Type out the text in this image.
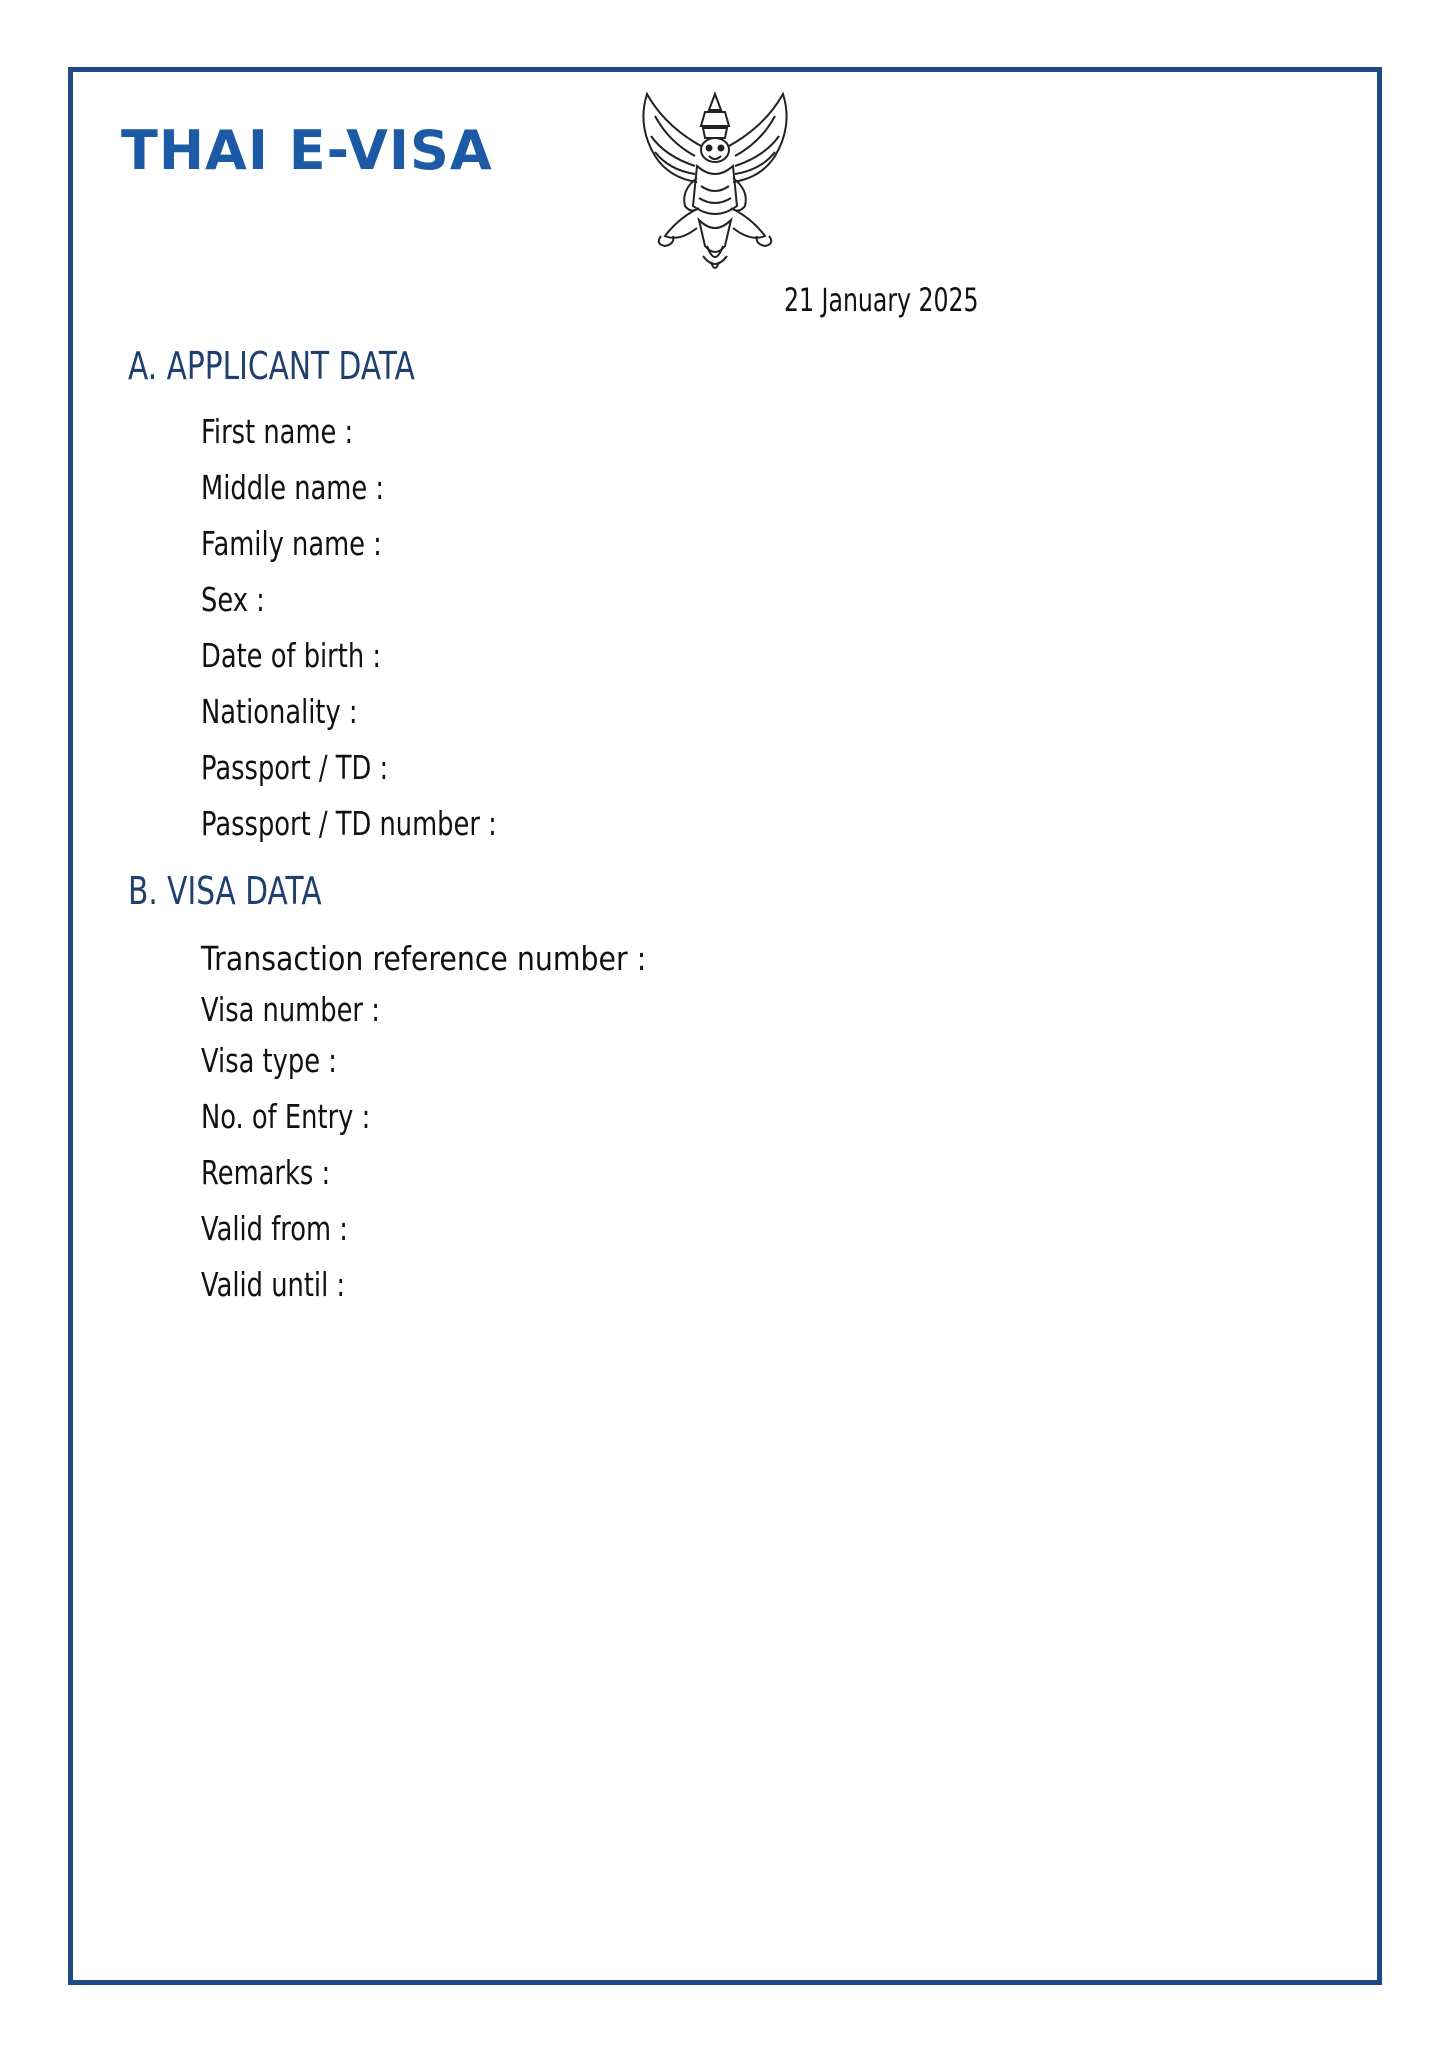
THAI E-VISA
21 January 2025
A. APPLICANT DATA
First name :
Middle name :
Family name :
Sex :
Date of birth :
Nationality :
Passport / TD :
Passport / TD number :
B. VISA DATA
Transaction reference number :
Visa number :
Visa type :
No. of Entry :
Remarks :
Valid from :
Valid until :
